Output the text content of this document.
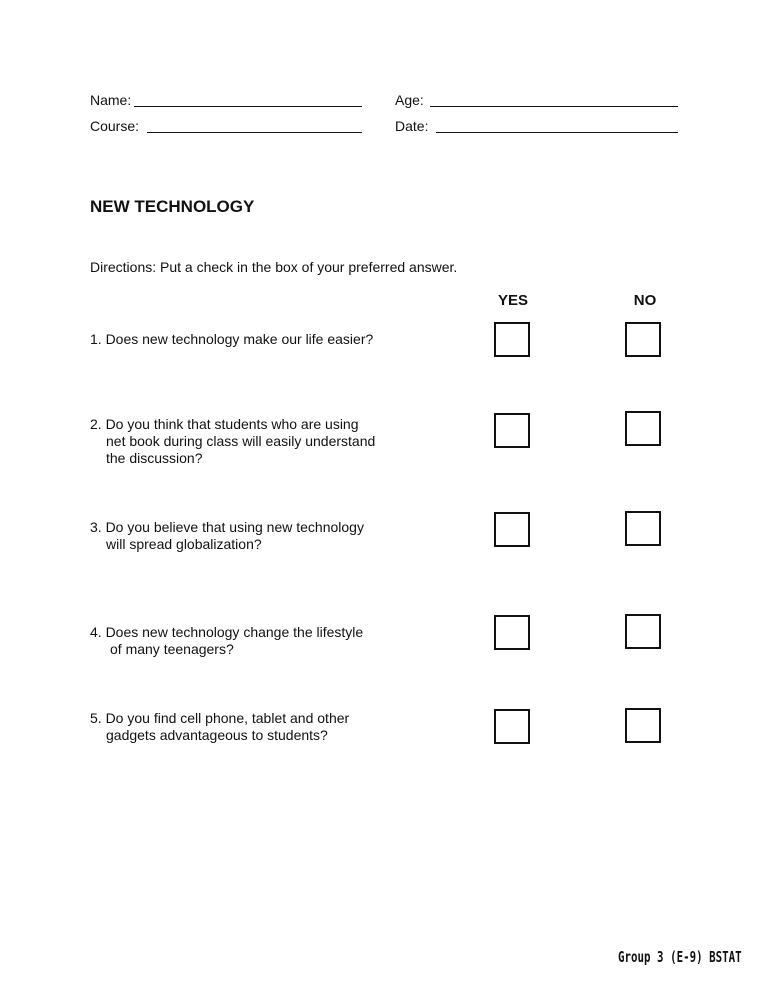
Name:	Age:
Course:	Date:
NEW TECHNOLOGY
Directions: Put a check in the box of your preferred answer.
YES	NO
1. Does new technology make our life easier?
2. Do you think that students who are using
net book during class will easily understand
the discussion?
3. Do you believe that using new technology
will spread globalization?
4. Does new technology change the lifestyle
of many teenagers?
5. Do you find cell phone, tablet and other
gadgets advantageous to students?
Group 3 (E-9) BSTAT
